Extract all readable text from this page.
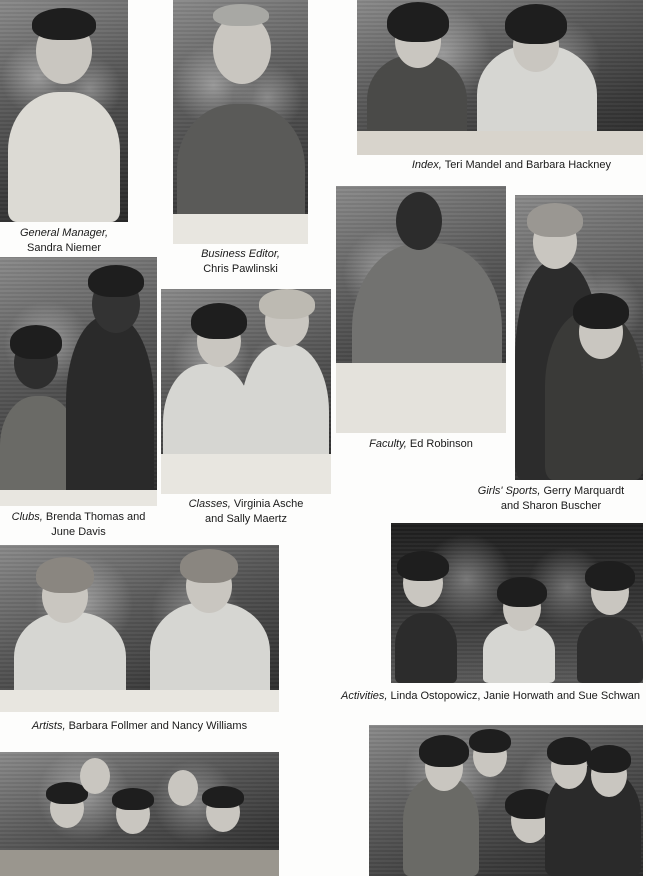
General Manager,
Sandra Niemer	Business Editor,
Chris Pawlinski
Index, Teri Mandel and Barbara Hackney
Clubs, Brenda Thomas and
June Davis
Classes, Virginia Asche
and Sally Maertz
Faculty, Ed Robinson
Girls' Sports, Gerry Marquardt
and Sharon Buscher
Artists, Barbara Follmer and Nancy Williams
Activities, Linda Ostopowicz, Janie Horwath and Sue Schwan
